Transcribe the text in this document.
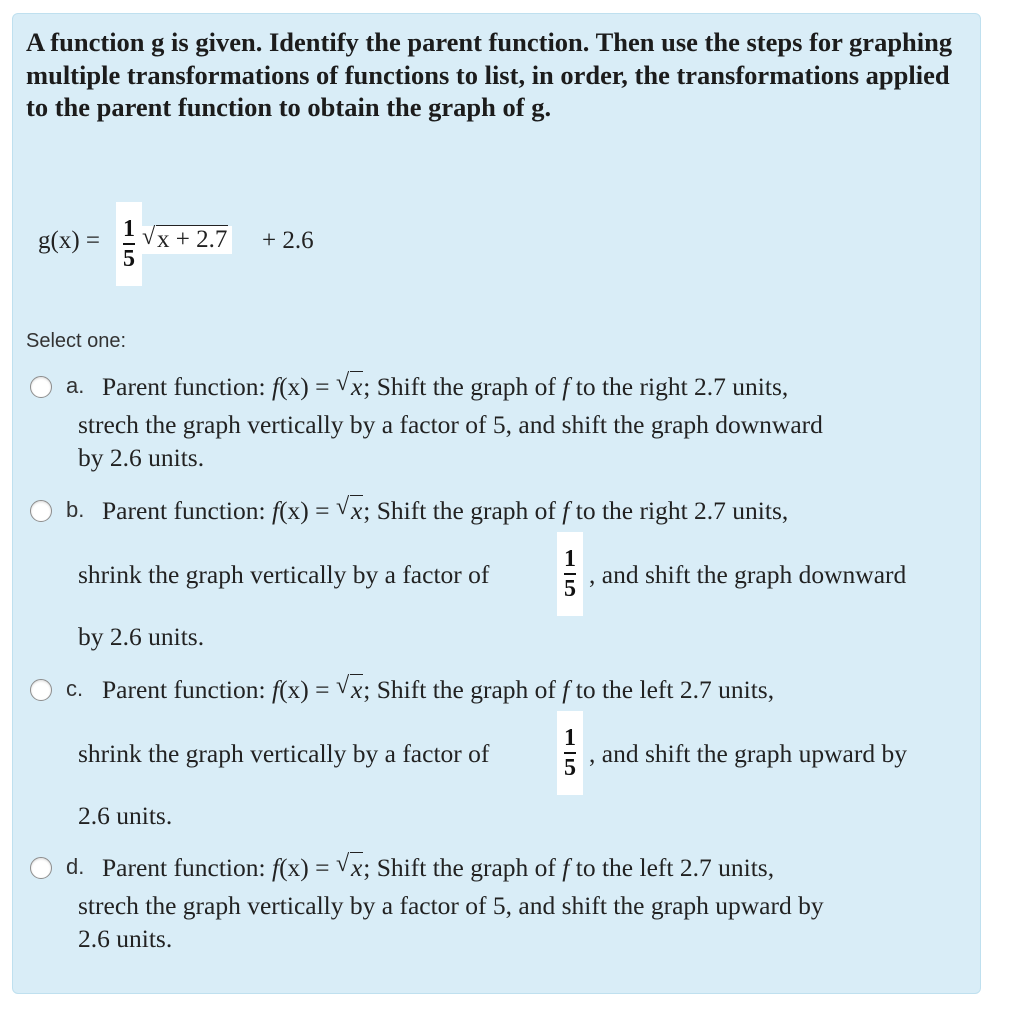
A function g is given. Identify the parent function. Then use the steps for graphing multiple transformations of functions to list, in order, the transformations applied to the parent function to obtain the graph of g.
g(x) = 1
5
√ x + 2.7 + 2.6
Select one:
a. Parent function: f(x) = √ x; Shift the graph of f to the right 2.7 units,
strech the graph vertically by a factor of 5, and shift the graph downward
by 2.6 units.
b. Parent function: f(x) = √ x; Shift the graph of f to the right 2.7 units,
shrink the graph vertically by a factor of
1
5 , and shift the graph downward
by 2.6 units.
c. Parent function: f(x) = √ x; Shift the graph of f to the left 2.7 units,
shrink the graph vertically by a factor of
1
5 , and shift the graph upward by
2.6 units.
d. Parent function: f(x) = √ x; Shift the graph of f to the left 2.7 units,
strech the graph vertically by a factor of 5, and shift the graph upward by
2.6 units.
